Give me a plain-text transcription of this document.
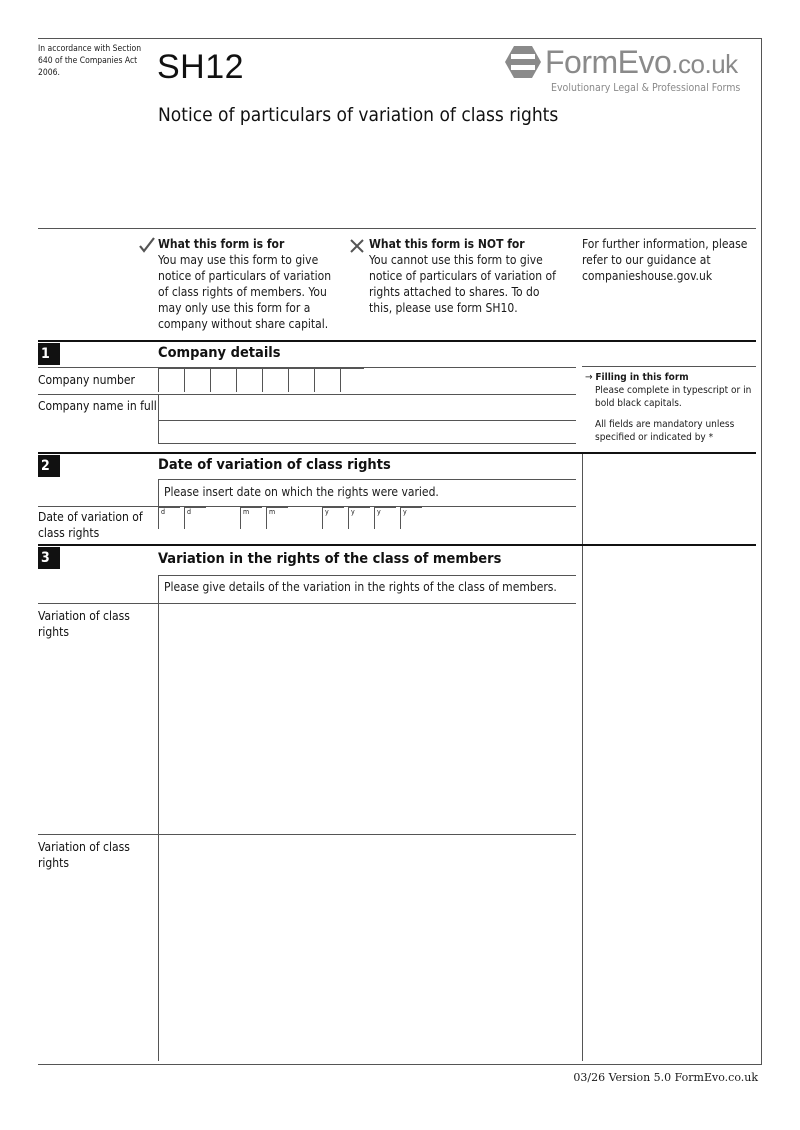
In accordance with Section 640 of the Companies Act 2006.	SH12
Notice of particulars of variation of class rights
FormEvo.co.uk
Evolutionary Legal & Professional Forms
What this form is for
You may use this form to give notice of particulars of variation of class rights of members. You may only use this form for a company without share capital.
What this form is NOT for
You cannot use this form to give notice of particulars of variation of rights attached to shares. To do this, please use form SH10.
For further information, please refer to our guidance at companieshouse.gov.uk
1	Company details
Company number
Company name in full
→ Filling in this form
Please complete in typescript or in bold black capitals.
All fields are mandatory unless specified or indicated by *
2	Date of variation of class rights
Please insert date on which the rights were varied.
Date of variation of class rights
d	d	m	m	y	y	y	y
3	Variation in the rights of the class of members
Please give details of the variation in the rights of the class of members.
Variation of class rights
Variation of class rights
03/26 Version 5.0 FormEvo.co.uk
